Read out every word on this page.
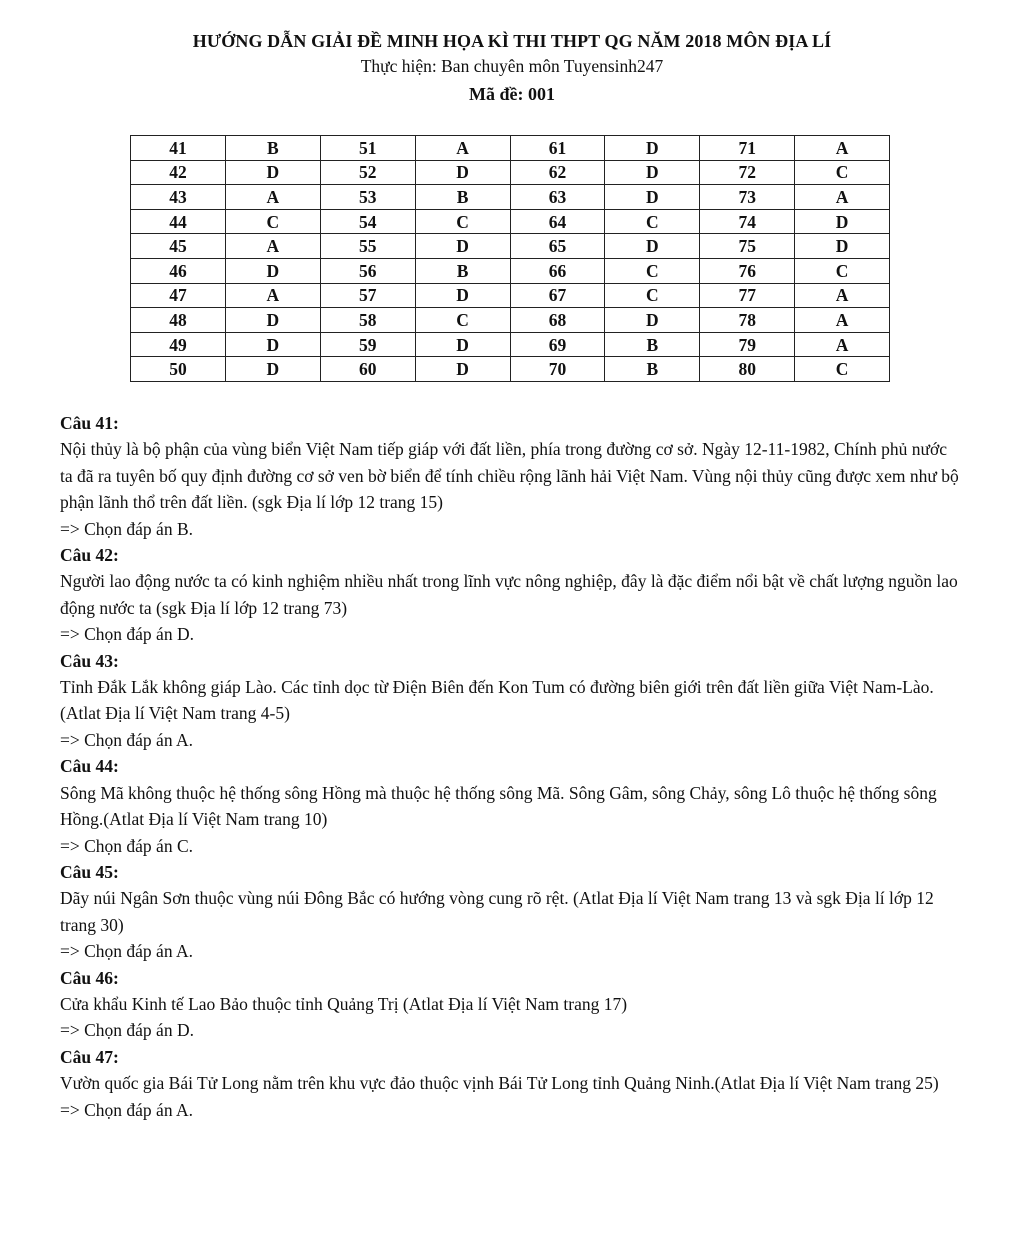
HƯỚNG DẪN GIẢI ĐỀ MINH HỌA KÌ THI THPT QG NĂM 2018 MÔN ĐỊA LÍ
Thực hiện: Ban chuyên môn Tuyensinh247
Mã đề: 001
41	B	51	A	61	D	71	A
42	D	52	D	62	D	72	C
43	A	53	B	63	D	73	A
44	C	54	C	64	C	74	D
45	A	55	D	65	D	75	D
46	D	56	B	66	C	76	C
47	A	57	D	67	C	77	A
48	D	58	C	68	D	78	A
49	D	59	D	69	B	79	A
50	D	60	D	70	B	80	C
Câu 41:
Nội thủy là bộ phận của vùng biển Việt Nam tiếp giáp với đất liền, phía trong đường cơ sở. Ngày 12-11-1982, Chính phủ nước ta đã ra tuyên bố quy định đường cơ sở ven bờ biển để tính chiều rộng lãnh hải Việt Nam. Vùng nội thủy cũng được xem như bộ phận lãnh thổ trên đất liền. (sgk Địa lí lớp 12 trang 15)
=> Chọn đáp án B.
Câu 42:
Người lao động nước ta có kinh nghiệm nhiều nhất trong lĩnh vực nông nghiệp, đây là đặc điểm nổi bật về chất lượng nguồn lao động nước ta (sgk Địa lí lớp 12 trang 73)
=> Chọn đáp án D.
Câu 43:
Tỉnh Đắk Lắk không giáp Lào. Các tỉnh dọc từ Điện Biên đến Kon Tum có đường biên giới trên đất liền giữa Việt Nam-Lào. (Atlat Địa lí Việt Nam trang 4-5)
=> Chọn đáp án A.
Câu 44:
Sông Mã không thuộc hệ thống sông Hồng mà thuộc hệ thống sông Mã. Sông Gâm, sông Chảy, sông Lô thuộc hệ thống sông Hồng.(Atlat Địa lí Việt Nam trang 10)
=> Chọn đáp án C.
Câu 45:
Dãy núi Ngân Sơn thuộc vùng núi Đông Bắc có hướng vòng cung rõ rệt. (Atlat Địa lí Việt Nam trang 13 và sgk Địa lí lớp 12 trang 30)
=> Chọn đáp án A.
Câu 46:
Cửa khẩu Kinh tế Lao Bảo thuộc tỉnh Quảng Trị (Atlat Địa lí Việt Nam trang 17)
=> Chọn đáp án D.
Câu 47:
Vườn quốc gia Bái Tử Long nằm trên khu vực đảo thuộc vịnh Bái Tử Long tỉnh Quảng Ninh.(Atlat Địa lí Việt Nam trang 25)
=> Chọn đáp án A.
